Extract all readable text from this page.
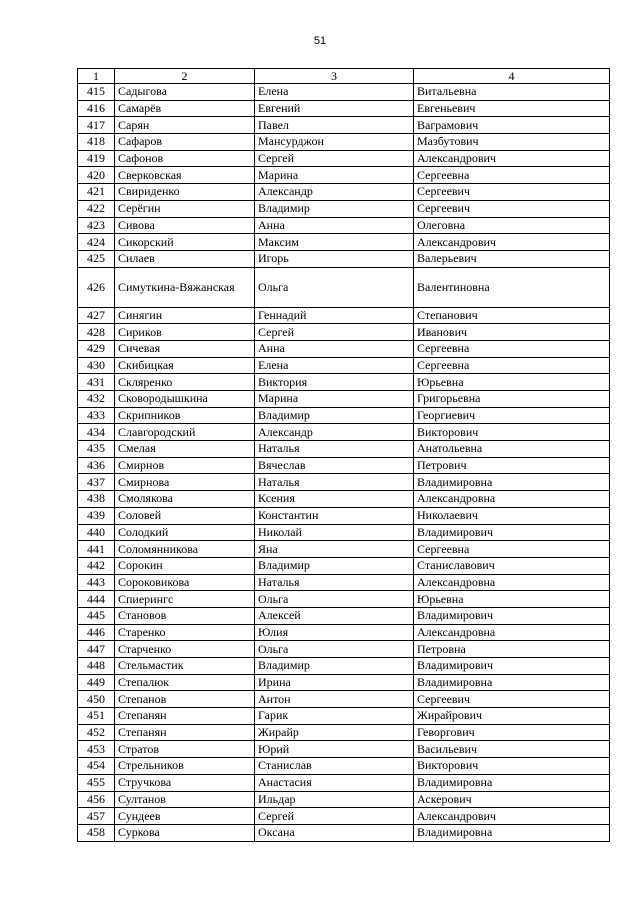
51
1	2	3	4
415	Садыгова	Елена	Витальевна
416	Самарёв	Евгений	Евгеньевич
417	Сарян	Павел	Ваграмович
418	Сафаров	Мансурджон	Мазбутович
419	Сафонов	Сергей	Александрович
420	Сверковская	Марина	Сергеевна
421	Свириденко	Александр	Сергеевич
422	Серёгин	Владимир	Сергеевич
423	Сивова	Анна	Олеговна
424	Сикорский	Максим	Александрович
425	Силаев	Игорь	Валерьевич
426	Симуткина-Вяжанская	Ольга	Валентиновна
427	Синягин	Геннадий	Степанович
428	Сириков	Сергей	Иванович
429	Сичевая	Анна	Сергеевна
430	Скибицкая	Елена	Сергеевна
431	Скляренко	Виктория	Юрьевна
432	Сковородышкина	Марина	Григорьевна
433	Скрипников	Владимир	Георгиевич
434	Славгородский	Александр	Викторович
435	Смелая	Наталья	Анатольевна
436	Смирнов	Вячеслав	Петрович
437	Смирнова	Наталья	Владимировна
438	Смолякова	Ксения	Александровна
439	Соловей	Константин	Николаевич
440	Солодкий	Николай	Владимирович
441	Соломянникова	Яна	Сергеевна
442	Сорокин	Владимир	Станиславович
443	Сороковикова	Наталья	Александровна
444	Спиерингс	Ольга	Юрьевна
445	Становов	Алексей	Владимирович
446	Старенко	Юлия	Александровна
447	Старченко	Ольга	Петровна
448	Стельмастик	Владимир	Владимирович
449	Степалюк	Ирина	Владимировна
450	Степанов	Антон	Сергеевич
451	Степанян	Гарик	Жирайрович
452	Степанян	Жирайр	Геворгович
453	Стратов	Юрий	Васильевич
454	Стрельников	Станислав	Викторович
455	Стручкова	Анастасия	Владимировна
456	Султанов	Ильдар	Аскерович
457	Сундеев	Сергей	Александрович
458	Суркова	Оксана	Владимировна
